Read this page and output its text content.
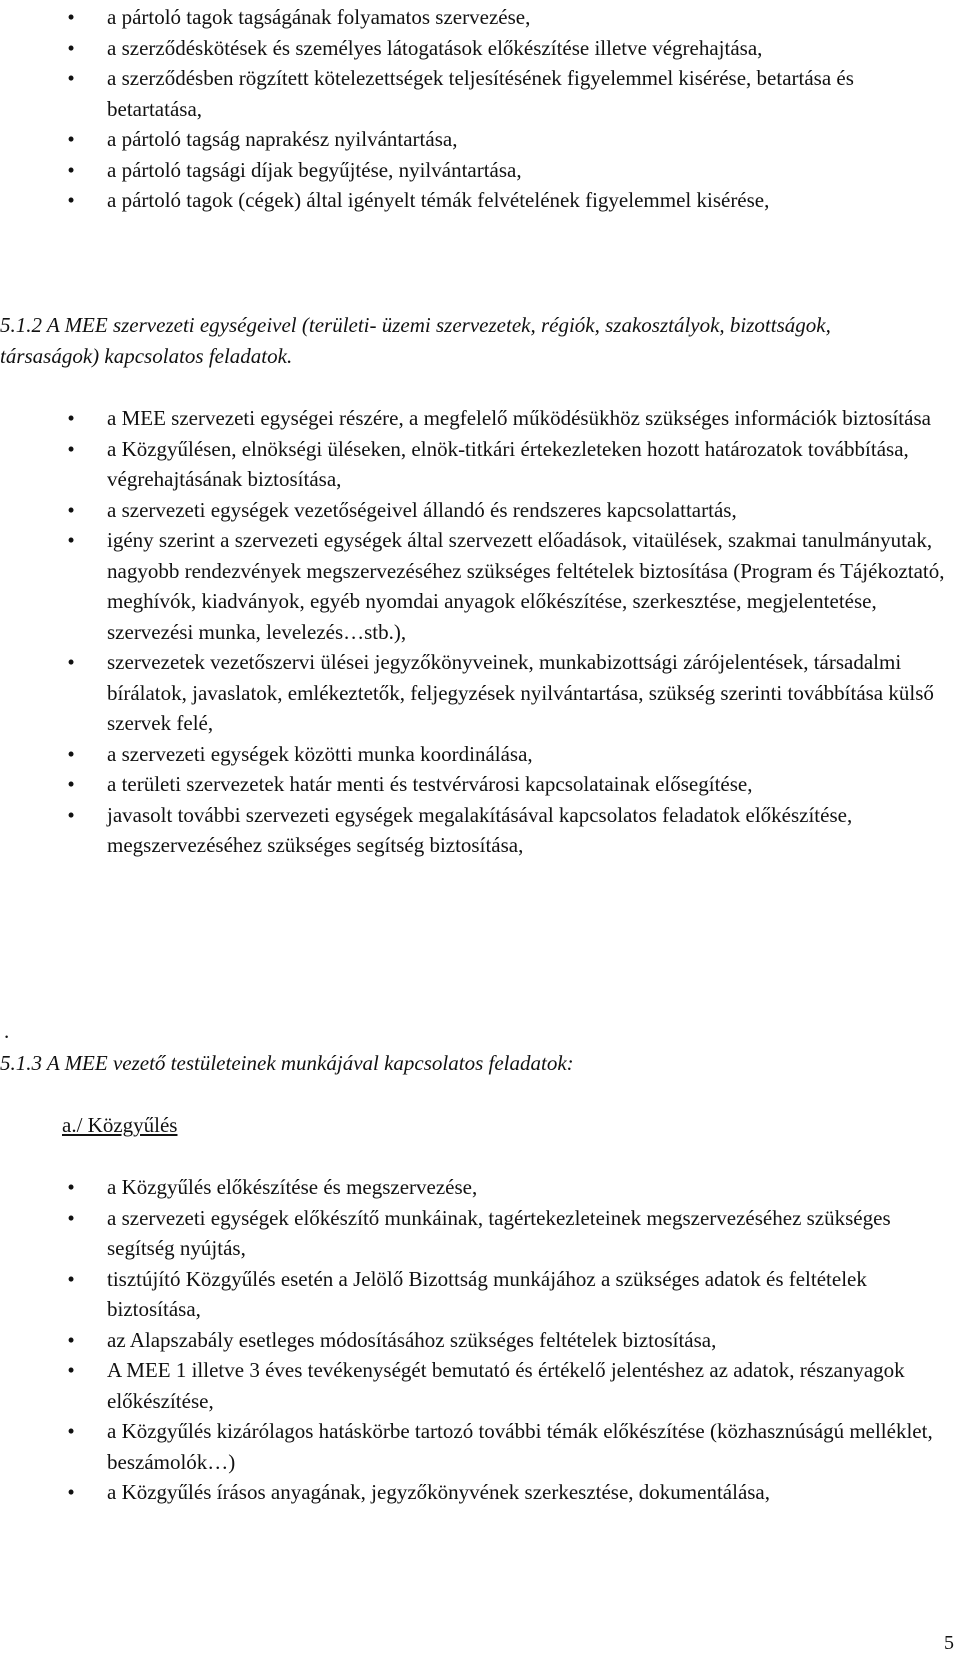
•	a pártoló tagok tagságának folyamatos szervezése,
•	a szerződéskötések és személyes látogatások előkészítése illetve végrehajtása,
•	a szerződésben rögzített kötelezettségek teljesítésének figyelemmel kisérése, betartása és betartatása,
•	a pártoló tagság naprakész nyilvántartása,
•	a pártoló tagsági díjak begyűjtése, nyilvántartása,
•	a pártoló tagok (cégek) által igényelt témák felvételének figyelemmel kisérése,
5.1.2 A MEE szervezeti egységeivel (területi- üzemi szervezetek, régiók, szakosztályok, bizottságok, társaságok) kapcsolatos feladatok.
•	a MEE szervezeti egységei részére, a megfelelő működésükhöz szükséges információk biztosítása
•	a Közgyűlésen, elnökségi üléseken, elnök-titkári értekezleteken hozott határozatok továbbítása, végrehajtásának biztosítása,
•	a szervezeti egységek vezetőségeivel állandó és rendszeres kapcsolattartás,
•	igény szerint a szervezeti egységek által szervezett előadások, vitaülések, szakmai tanulmányutak, nagyobb rendezvények megszervezéséhez szükséges feltételek biztosítása (Program és Tájékoztató, meghívók, kiadványok, egyéb nyomdai anyagok előkészítése, szerkesztése, megjelentetése, szervezési munka, levelezés…stb.),
•	szervezetek vezetőszervi ülései jegyzőkönyveinek, munkabizottsági zárójelentések, társadalmi bírálatok, javaslatok, emlékeztetők, feljegyzések nyilvántartása, szükség szerinti továbbítása külső szervek felé,
•	a szervezeti egységek közötti munka koordinálása,
•	a területi szervezetek határ menti és testvérvárosi kapcsolatainak elősegítése,
•	javasolt további szervezeti egységek megalakításával kapcsolatos feladatok előkészítése, megszervezéséhez szükséges segítség biztosítása,
.
5.1.3 A MEE vezető testületeinek munkájával kapcsolatos feladatok:
a./ Közgyűlés
•	a Közgyűlés előkészítése és megszervezése,
•	a szervezeti egységek előkészítő munkáinak, tagértekezleteinek megszervezéséhez szükséges segítség nyújtás,
•	tisztújító Közgyűlés esetén a Jelölő Bizottság munkájához a szükséges adatok és feltételek biztosítása,
•	az Alapszabály esetleges módosításához szükséges feltételek biztosítása,
•	A MEE 1 illetve 3 éves tevékenységét bemutató és értékelő jelentéshez az adatok, részanyagok előkészítése,
•	a Közgyűlés kizárólagos hatáskörbe tartozó további témák előkészítése (közhasznúságú melléklet, beszámolók…)
•	a Közgyűlés írásos anyagának, jegyzőkönyvének szerkesztése, dokumentálása,
5
